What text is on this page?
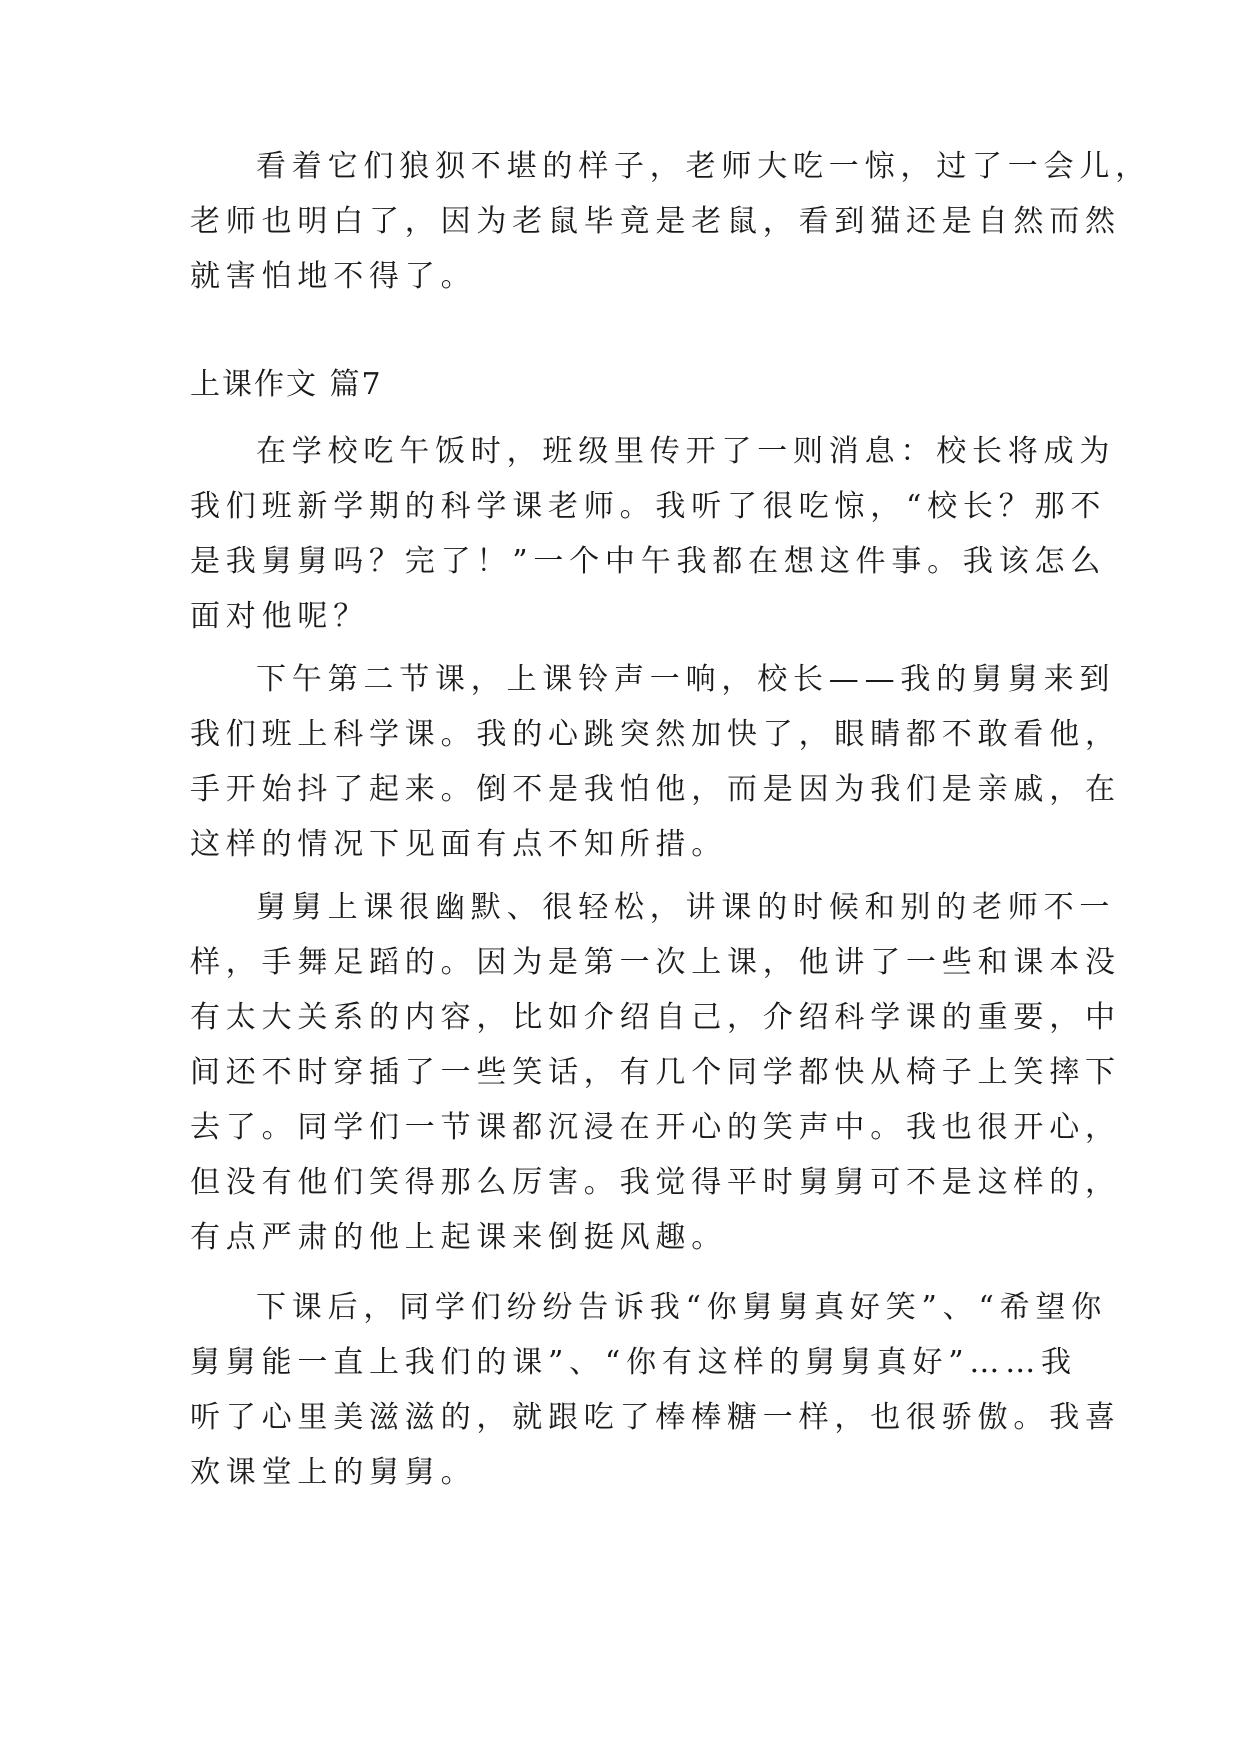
看着它们狼狈不堪的样子，老师大吃一惊，过了一会儿，
老师也明白了，因为老鼠毕竟是老鼠，看到猫还是自然而然
就害怕地不得了。
上课作文 篇7
在学校吃午饭时，班级里传开了一则消息：校长将成为
我们班新学期的科学课老师。我听了很吃惊，“校长？那不
是我舅舅吗？完了！”一个中午我都在想这件事。我该怎么
面对他呢？
下午第二节课，上课铃声一响，校长——我的舅舅来到
我们班上科学课。我的心跳突然加快了，眼睛都不敢看他，
手开始抖了起来。倒不是我怕他，而是因为我们是亲戚，在
这样的情况下见面有点不知所措。
舅舅上课很幽默、很轻松，讲课的时候和别的老师不一
样，手舞足蹈的。因为是第一次上课，他讲了一些和课本没
有太大关系的内容，比如介绍自己，介绍科学课的重要，中
间还不时穿插了一些笑话，有几个同学都快从椅子上笑摔下
去了。同学们一节课都沉浸在开心的笑声中。我也很开心，
但没有他们笑得那么厉害。我觉得平时舅舅可不是这样的，
有点严肃的他上起课来倒挺风趣。
下课后，同学们纷纷告诉我“你舅舅真好笑”、“希望你
舅舅能一直上我们的课”、“你有这样的舅舅真好”……我
听了心里美滋滋的，就跟吃了棒棒糖一样，也很骄傲。我喜
欢课堂上的舅舅。
